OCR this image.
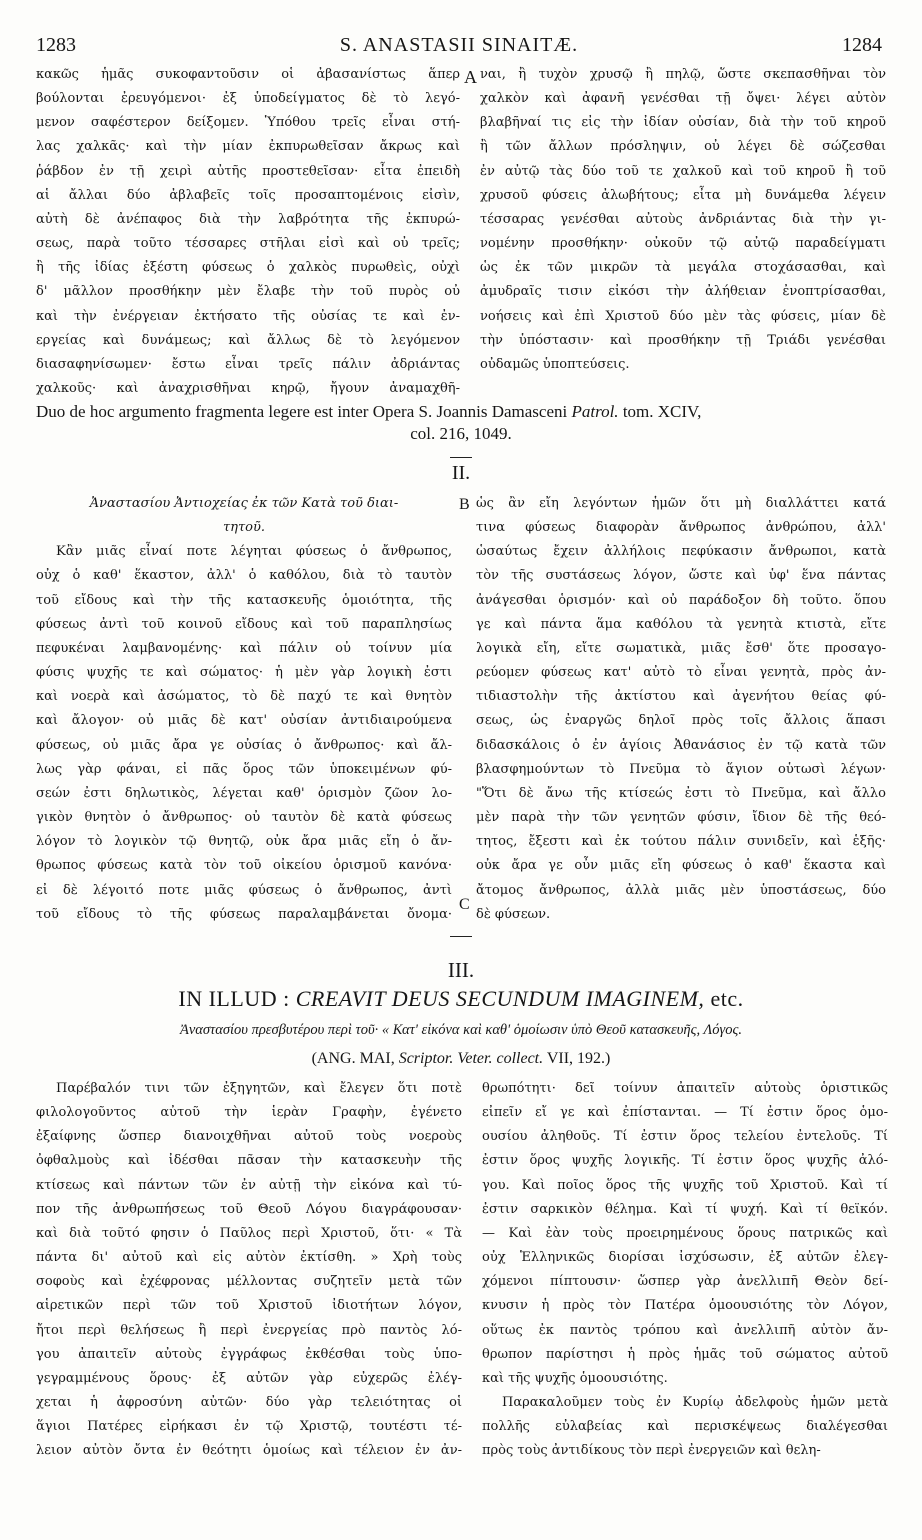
1283	S. ANASTASII SINAITÆ.	1284
κακῶς ἡμᾶς συκοφαντοῦσιν οἱ ἀβασανίστως ἅπερ
βούλονται ἐρευγόμενοι· ἐξ ὑποδείγματος δὲ τὸ λεγό-
μενον σαφέστερον δείξομεν. Ὑπόθου τρεῖς εἶναι στή-
λας χαλκᾶς· καὶ τὴν μίαν ἐκπυρωθεῖσαν ἄκρως καὶ
ῥάβδον ἐν τῇ χειρὶ αὐτῆς προστεθεῖσαν· εἶτα ἐπειδὴ
αἱ ἄλλαι δύο ἀβλαβεῖς τοῖς προσαπτομένοις εἰσὶν,
αὐτὴ δὲ ἀνέπαφος διὰ τὴν λαβρότητα τῆς ἐκπυρώ-
σεως, παρὰ τοῦτο τέσσαρες στῆλαι εἰσὶ καὶ οὐ τρεῖς;
ἢ τῆς ἰδίας ἐξέστη φύσεως ὁ χαλκὸς πυρωθεὶς, οὐχὶ
δ' μᾶλλον προσθήκην μὲν ἔλαβε τὴν τοῦ πυρὸς οὐ
καὶ τὴν ἐνέργειαν ἐκτήσατο τῆς οὐσίας τε καὶ ἐν-
εργείας καὶ δυνάμεως; καὶ ἄλλως δὲ τὸ λεγόμενον
διασαφηνίσωμεν· ἔστω εἶναι τρεῖς πάλιν ἀδριάντας
χαλκοῦς· καὶ ἀναχρισθῆναι κηρῷ, ἤγουν ἀναμαχθῆ-
A ναι, ἢ τυχὸν χρυσῷ ἢ πηλῷ, ὥστε σκεπασθῆναι τὸν
χαλκὸν καὶ ἀφανῆ γενέσθαι τῇ ὄψει· λέγει αὐτὸν
βλαβῆναί τις εἰς τὴν ἰδίαν οὐσίαν, διὰ τὴν τοῦ κηροῦ
ἢ τῶν ἄλλων πρόσληψιν, οὐ λέγει δὲ σώζεσθαι
ἐν αὐτῷ τὰς δύο τοῦ τε χαλκοῦ καὶ τοῦ κηροῦ ἢ τοῦ
χρυσοῦ φύσεις ἀλωβήτους; εἶτα μὴ δυνάμεθα λέγειν
τέσσαρας γενέσθαι αὐτοὺς ἀνδριάντας διὰ τὴν γι-
νομένην προσθήκην· οὐκοῦν τῷ αὐτῷ παραδείγματι
ὡς ἐκ τῶν μικρῶν τὰ μεγάλα στοχάσασθαι, καὶ
ἀμυδραῖς τισιν εἰκόσι τὴν ἀλήθειαν ἐνοπτρίσασθαι,
νοήσεις καὶ ἐπὶ Χριστοῦ δύο μὲν τὰς φύσεις, μίαν δὲ
τὴν ὑπόστασιν· καὶ προσθήκην τῇ Τριάδι γενέσθαι
οὐδαμῶς ὑποπτεύσεις.
Duo de hoc argumento fragmenta legere est inter Opera S. Joannis Damasceni Patrol. tom. XCIV,
col. 216, 1049.
II.
Ἀναστασίου Ἀντιοχείας ἐκ τῶν Κατὰ τοῦ διαι-
τητοῦ.
Κἂν μιᾶς εἶναί ποτε λέγηται φύσεως ὁ ἄνθρωπος,
οὐχ ὁ καθ' ἕκαστον, ἀλλ' ὁ καθόλου, διὰ τὸ ταυτὸν
τοῦ εἴδους καὶ τὴν τῆς κατασκευῆς ὁμοιότητα, τῆς
φύσεως ἀντὶ τοῦ κοινοῦ εἴδους καὶ τοῦ παραπλησίως
πεφυκέναι λαμβανομένης· καὶ πάλιν οὐ τοίνυν μία
φύσις ψυχῆς τε καὶ σώματος· ἡ μὲν γὰρ λογικὴ ἐστι
καὶ νοερὰ καὶ ἀσώματος, τὸ δὲ παχύ τε καὶ θνητὸν
καὶ ἄλογον· οὐ μιᾶς δὲ κατ' οὐσίαν ἀντιδιαιρούμενα
φύσεως, οὐ μιᾶς ἄρα γε οὐσίας ὁ ἄνθρωπος· καὶ ἄλ-
λως γὰρ φάναι, εἰ πᾶς ὅρος τῶν ὑποκειμένων φύ-
σεών ἐστι δηλωτικὸς, λέγεται καθ' ὁρισμὸν ζῶον λο-
γικὸν θνητὸν ὁ ἄνθρωπος· οὐ ταυτὸν δὲ κατὰ φύσεως
λόγον τὸ λογικὸν τῷ θνητῷ, οὐκ ἄρα μιᾶς εἴη ὁ ἄν-
θρωπος φύσεως κατὰ τὸν τοῦ οἰκείου ὁρισμοῦ κανόνα·
εἰ δὲ λέγοιτό ποτε μιᾶς φύσεως ὁ ἄνθρωπος, ἀντὶ
τοῦ εἴδους τὸ τῆς φύσεως παραλαμβάνεται ὄνομα·
B
C
ὡς ἂν εἴη λεγόντων ἡμῶν ὅτι μὴ διαλλάττει κατά
τινα φύσεως διαφορὰν ἄνθρωπος ἀνθρώπου, ἀλλ'
ὡσαύτως ἔχειν ἀλλήλοις πεφύκασιν ἄνθρωποι, κατὰ
τὸν τῆς συστάσεως λόγον, ὥστε καὶ ὑφ' ἕνα πάντας
ἀνάγεσθαι ὁρισμόν· καὶ οὐ παράδοξον δὴ τοῦτο. ὅπου
γε καὶ πάντα ἅμα καθόλου τὰ γενητὰ κτιστὰ, εἴτε
λογικὰ εἴη, εἴτε σωματικὰ, μιᾶς ἔσθ' ὅτε προσαγο-
ρεύομεν φύσεως κατ' αὐτὸ τὸ εἶναι γενητὰ, πρὸς ἀν-
τιδιαστολὴν τῆς ἀκτίστου καὶ ἀγενήτου θείας φύ-
σεως, ὡς ἐναργῶς δηλοῖ πρὸς τοῖς ἄλλοις ἅπασι
διδασκάλοις ὁ ἐν ἁγίοις Ἀθανάσιος ἐν τῷ κατὰ τῶν
βλασφημούντων τὸ Πνεῦμα τὸ ἅγιον οὑτωσὶ λέγων·
"Ὅτι δὲ ἄνω τῆς κτίσεώς ἐστι τὸ Πνεῦμα, καὶ ἄλλο
μὲν παρὰ τὴν τῶν γενητῶν φύσιν, ἴδιον δὲ τῆς θεό-
τητος, ἔξεστι καὶ ἐκ τούτου πάλιν συνιδεῖν, καὶ ἑξῆς·
οὐκ ἄρα γε οὖν μιᾶς εἴη φύσεως ὁ καθ' ἕκαστα καὶ
ἄτομος ἄνθρωπος, ἀλλὰ μιᾶς μὲν ὑποστάσεως, δύο
δὲ φύσεων.
III.
IN ILLUD : CREAVIT DEUS SECUNDUM IMAGINEM, etc.
Ἀναστασίου πρεσβυτέρου περὶ τοῦ· « Κατ' εἰκόνα καὶ καθ' ὁμοίωσιν ὑπὸ Θεοῦ κατασκευῆς, Λόγος.
(ANG. MAI, Scriptor. Veter. collect. VII, 192.)
Παρέβαλόν τινι τῶν ἐξηγητῶν, καὶ ἔλεγεν ὅτι ποτὲ
φιλολογοῦντος αὐτοῦ τὴν ἱερὰν Γραφὴν, ἐγένετο
ἐξαίφνης ὥσπερ διανοιχθῆναι αὐτοῦ τοὺς νοεροὺς
ὀφθαλμοὺς καὶ ἰδέσθαι πᾶσαν τὴν κατασκευὴν τῆς
κτίσεως καὶ πάντων τῶν ἐν αὐτῇ τὴν εἰκόνα καὶ τύ-
πον τῆς ἀνθρωπήσεως τοῦ Θεοῦ Λόγου διαγράφουσαν·
καὶ διὰ τοῦτό φησιν ὁ Παῦλος περὶ Χριστοῦ, ὅτι· « Τὰ
πάντα δι' αὐτοῦ καὶ εἰς αὐτὸν ἐκτίσθη. » Χρὴ τοὺς
σοφοὺς καὶ ἐχέφρονας μέλλοντας συζητεῖν μετὰ τῶν
αἱρετικῶν περὶ τῶν τοῦ Χριστοῦ ἰδιοτήτων λόγον,
ἤτοι περὶ θελήσεως ἢ περὶ ἐνεργείας πρὸ παντὸς λό-
γου ἀπαιτεῖν αὐτοὺς ἐγγράφως ἐκθέσθαι τοὺς ὑπο-
γεγραμμένους ὅρους· ἐξ αὐτῶν γὰρ εὐχερῶς ἐλέγ-
χεται ἡ ἀφροσύνη αὐτῶν· δύο γὰρ τελειότητας οἱ
ἅγιοι Πατέρες εἰρήκασι ἐν τῷ Χριστῷ, τουτέστι τέ-
λειον αὐτὸν ὄντα ἐν θεότητι ὁμοίως καὶ τέλειον ἐν ἀν-
θρωπότητι· δεῖ τοίνυν ἀπαιτεῖν αὐτοὺς ὁριστικῶς
εἰπεῖν εἴ γε καὶ ἐπίστανται. — Τί ἐστιν ὅρος ὁμο-
ουσίου ἀληθοῦς. Τί ἐστιν ὅρος τελείου ἐντελοῦς. Τί
ἐστιν ὅρος ψυχῆς λογικῆς. Τί ἐστιν ὅρος ψυχῆς ἀλό-
γου. Καὶ ποῖος ὅρος τῆς ψυχῆς τοῦ Χριστοῦ. Καὶ τί
ἐστιν σαρκικὸν θέλημα. Καὶ τί ψυχή. Καὶ τί θεϊκόν.
— Καὶ ἐὰν τοὺς προειρημένους ὅρους πατρικῶς καὶ
οὐχ Ἑλληνικῶς διορίσαι ἰσχύσωσιν, ἐξ αὐτῶν ἐλεγ-
χόμενοι πίπτουσιν· ὥσπερ γὰρ ἀνελλιπῆ Θεὸν δεί-
κνυσιν ἡ πρὸς τὸν Πατέρα ὁμοουσιότης τὸν Λόγον,
οὕτως ἐκ παντὸς τρόπου καὶ ἀνελλιπῆ αὐτὸν ἄν-
θρωπον παρίστησι ἡ πρὸς ἡμᾶς τοῦ σώματος αὐτοῦ
καὶ τῆς ψυχῆς ὁμοουσιότης.
Παρακαλοῦμεν τοὺς ἐν Κυρίῳ ἀδελφοὺς ἡμῶν μετὰ
πολλῆς εὐλαβείας καὶ περισκέψεως διαλέγεσθαι
πρὸς τοὺς ἀντιδίκους τὸν περὶ ἐνεργειῶν καὶ θελη-
